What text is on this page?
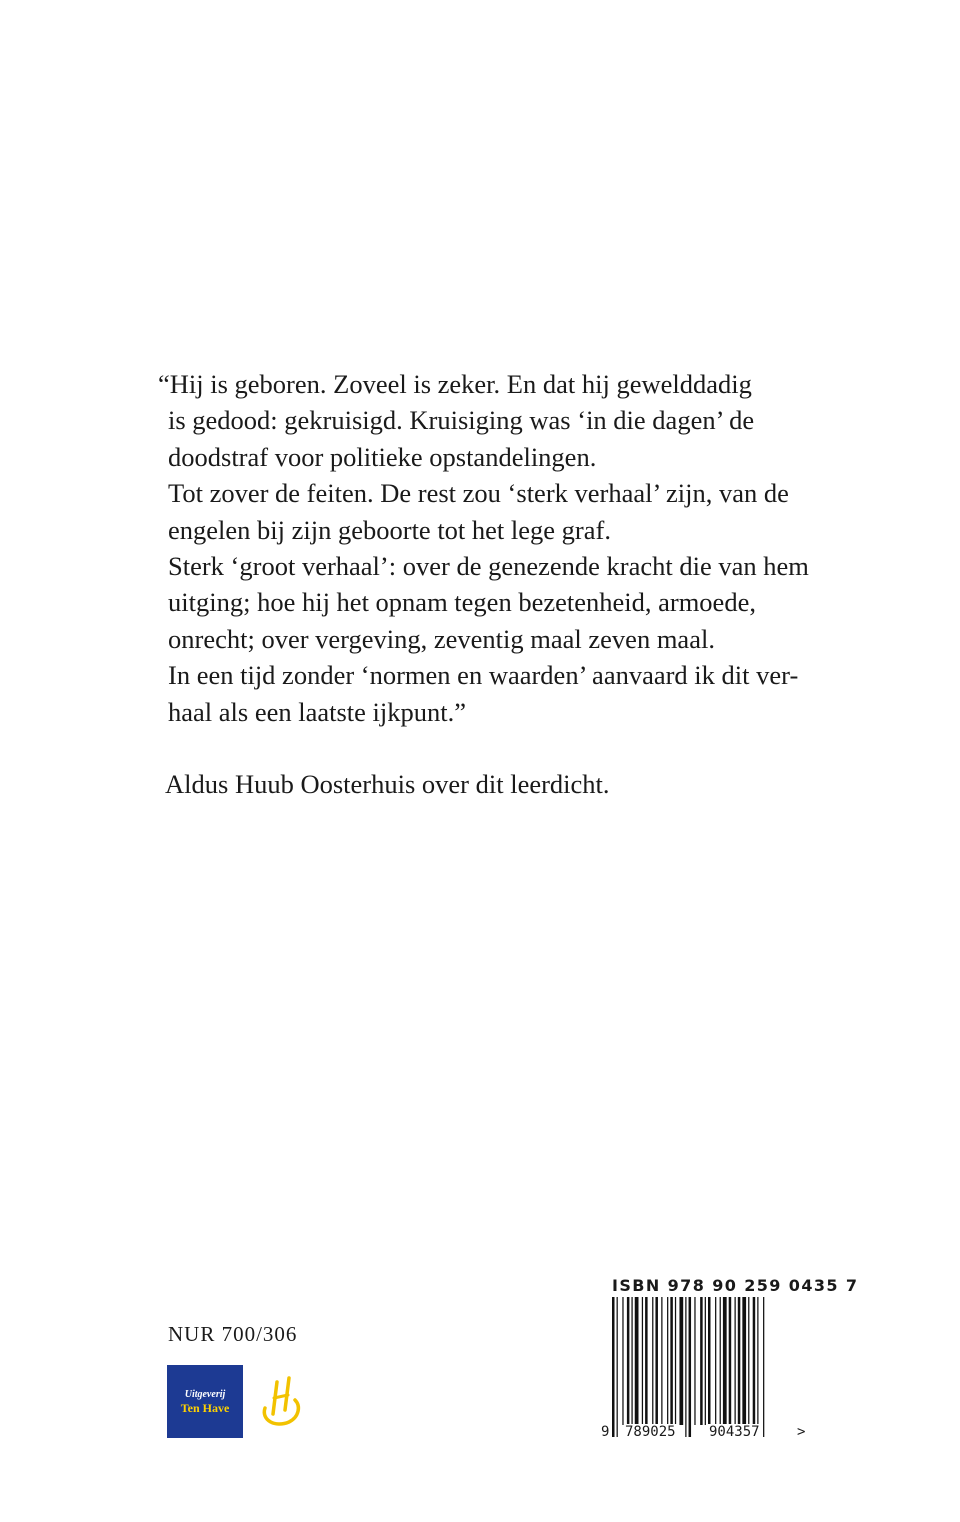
“Hij is geboren. Zoveel is zeker. En dat hij gewelddadig
is gedood: gekruisigd. Kruisiging was ‘in die dagen’ de
doodstraf voor politieke opstandelingen.
Tot zover de feiten. De rest zou ‘sterk verhaal’ zijn, van de
engelen bij zijn geboorte tot het lege graf.
Sterk ‘groot verhaal’: over de genezende kracht die van hem
uitging; hoe hij het opnam tegen bezetenheid, armoede,
onrecht; over vergeving, zeventig maal zeven maal.
In een tijd zonder ‘normen en waarden’ aanvaard ik dit ver-
haal als een laatste ijkpunt.”
Aldus Huub Oosterhuis over dit leerdicht.
NUR 700/306
Uitgeverij
Ten Have
ISBN 978 90 259 0435 7
9 789025 904357	>
